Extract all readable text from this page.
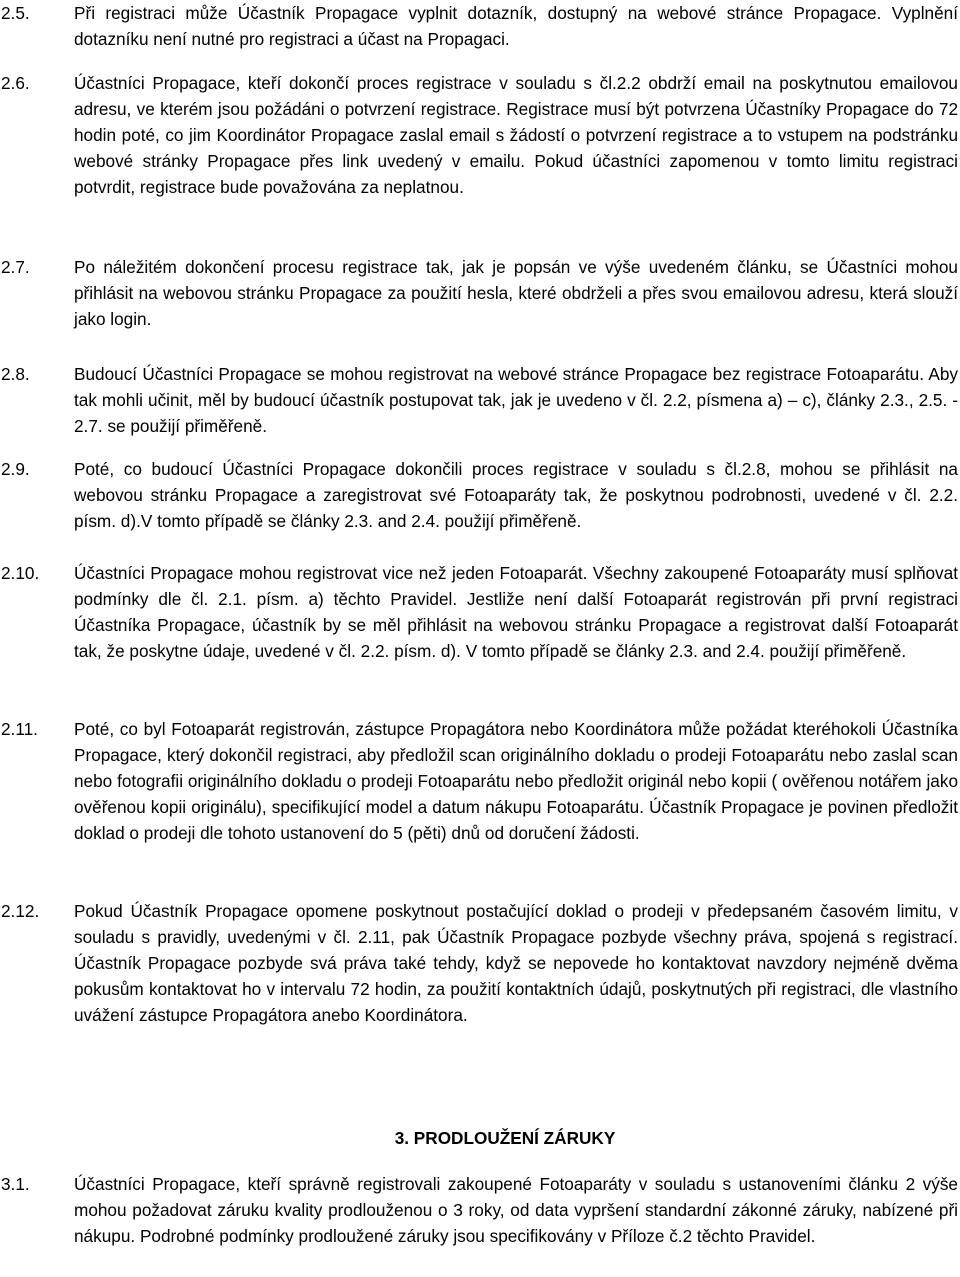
2.5.	Při registraci může Účastník Propagace vyplnit dotazník, dostupný na webové stránce Propagace. Vyplnění dotazníku není nutné pro registraci a účast na Propagaci.
2.6.	Účastníci Propagace, kteří dokončí proces registrace v souladu s čl.2.2 obdrží email na poskytnutou emailovou adresu, ve kterém jsou požádáni o potvrzení registrace. Registrace musí být potvrzena Účastníky Propagace do 72 hodin poté, co jim Koordinátor Propagace zaslal email s žádostí o potvrzení registrace a to vstupem na podstránku webové stránky Propagace přes link uvedený v emailu. Pokud účastníci zapomenou v tomto limitu registraci potvrdit, registrace bude považována za neplatnou.
2.7.	Po náležitém dokončení procesu registrace tak, jak je popsán ve výše uvedeném článku, se Účastníci mohou přihlásit na webovou stránku Propagace za použití hesla, které obdrželi a přes svou emailovou adresu, která slouží jako login.
2.8.	Budoucí Účastníci Propagace se mohou registrovat na webové stránce Propagace bez registrace Fotoaparátu. Aby tak mohli učinit, měl by budoucí účastník postupovat tak, jak je uvedeno v čl. 2.2, písmena a) – c), články 2.3., 2.5. - 2.7. se použijí přiměřeně.
2.9.	Poté, co budoucí Účastníci Propagace dokončili proces registrace v souladu s čl.2.8, mohou se přihlásit na webovou stránku Propagace a zaregistrovat své Fotoaparáty tak, že poskytnou podrobnosti, uvedené v čl. 2.2. písm. d).V tomto případě se články 2.3. and 2.4. použijí přiměřeně.
2.10. Účastníci Propagace mohou registrovat vice než jeden Fotoaparát. Všechny zakoupené Fotoaparáty musí splňovat podmínky dle čl. 2.1. písm. a) těchto Pravidel. Jestliže není další Fotoaparát registrován při první registraci Účastníka Propagace, účastník by se měl přihlásit na webovou stránku Propagace a registrovat další Fotoaparát tak, že poskytne údaje, uvedené v čl. 2.2. písm. d). V tomto případě se články 2.3. and 2.4. použijí přiměřeně.
2.11. Poté, co byl Fotoaparát registrován, zástupce Propagátora nebo Koordinátora může požádat kteréhokoli Účastníka Propagace, který dokončil registraci, aby předložil scan originálního dokladu o prodeji Fotoaparátu nebo zaslal scan nebo fotografii originálního dokladu o prodeji Fotoaparátu nebo předložit originál nebo kopii ( ověřenou notářem jako ověřenou kopii originálu), specifikující model a datum nákupu Fotoaparátu. Účastník Propagace je povinen předložit doklad o prodeji dle tohoto ustanovení do 5 (pěti) dnů od doručení žádosti.
2.12. Pokud Účastník Propagace opomene poskytnout postačující doklad o prodeji v předepsaném časovém limitu, v souladu s pravidly, uvedenými v čl. 2.11, pak Účastník Propagace pozbyde všechny práva, spojená s registrací. Účastník Propagace pozbyde svá práva také tehdy, když se nepovede ho kontaktovat navzdory nejméně dvěma pokusům kontaktovat ho v intervalu 72 hodin, za použití kontaktních údajů, poskytnutých při registraci, dle vlastního uvážení zástupce Propagátora anebo Koordinátora.
3. PRODLOUŽENÍ ZÁRUKY
3.1.	Účastníci Propagace, kteří správně registrovali zakoupené Fotoaparáty v souladu s ustanoveními článku 2 výše mohou požadovat záruku kvality prodlouženou o 3 roky, od data vypršení standardní zákonné záruky, nabízené při nákupu. Podrobné podmínky prodloužené záruky jsou specifikovány v Příloze č.2 těchto Pravidel.
